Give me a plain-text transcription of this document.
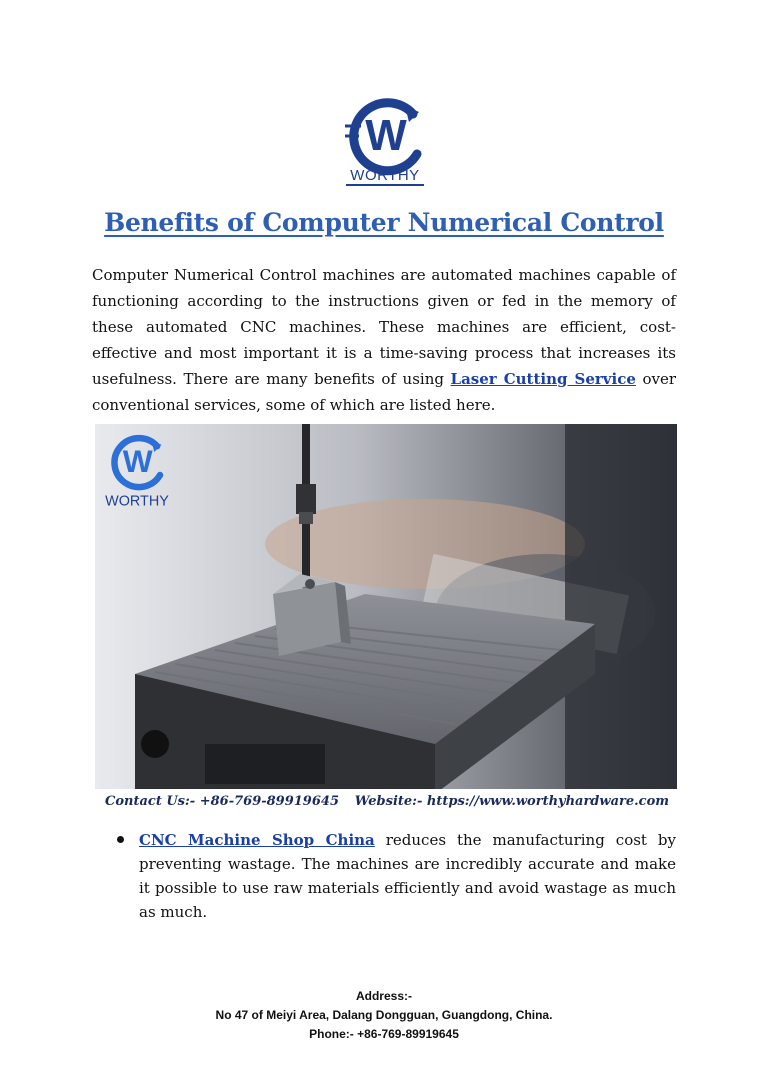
W
WORTHY
Benefits of Computer Numerical Control
Computer Numerical Control machines are automated machines capable of functioning according to the instructions given or fed in the memory of these automated CNC machines. These machines are efficient, cost-effective and most important it is a time-saving process that increases its usefulness. There are many benefits of using Laser Cutting Service over conventional services, some of which are listed here.
W
WORTHY
Contact Us:- +86-769-89919645 Website:- https://www.worthyhardware.com
CNC Machine Shop China reduces the manufacturing cost by preventing wastage. The machines are incredibly accurate and make it possible to use raw materials efficiently and avoid wastage as much as much.
Address:-
No 47 of Meiyi Area, Dalang Dongguan, Guangdong, China.
Phone:- +86-769-89919645
